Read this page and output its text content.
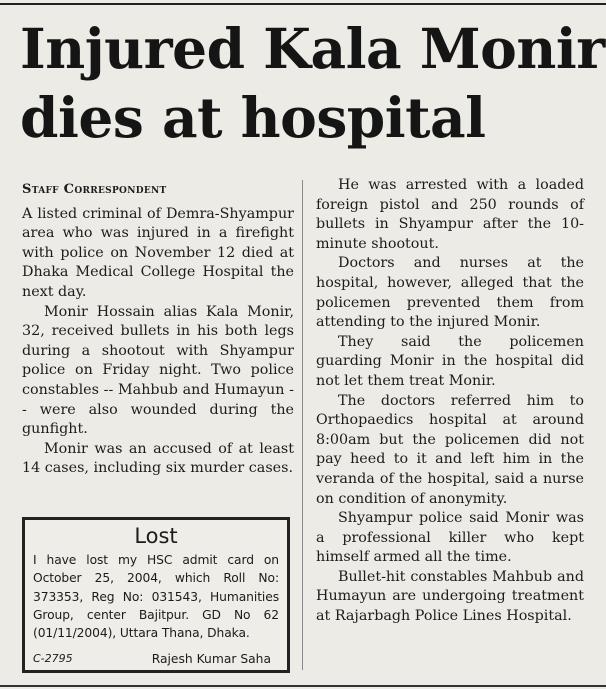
Injured Kala Monir
dies at hospital
Staff Correspondent

A listed criminal of Demra-Shyampur area who was injured in a firefight with police on November 12 died at Dhaka Medical College Hospital the next day.

Monir Hossain alias Kala Monir, 32, received bullets in his both legs during a shootout with Shyampur police on Friday night. Two police constables -- Mahbub and Humayun -- were also wounded during the gunfight.

Monir was an accused of at least 14 cases, including six murder cases.

He was arrested with a loaded foreign pistol and 250 rounds of bullets in Shyampur after the 10-minute shootout.

Doctors and nurses at the hospital, however, alleged that the policemen prevented them from attending to the injured Monir.

They said the policemen guarding Monir in the hospital did not let them treat Monir.

The doctors referred him to Orthopaedics hospital at around 8:00am but the policemen did not pay heed to it and left him in the veranda of the hospital, said a nurse on condition of anonymity.

Shyampur police said Monir was a professional killer who kept himself armed all the time.

Bullet-hit constables Mahbub and Humayun are undergoing treatment at Rajarbagh Police Lines Hospital.

Lost
I have lost my HSC admit card on October 25, 2004, which Roll No: 373353, Reg No: 031543, Humanities Group, center Bajitpur. GD No 62 (01/11/2004), Uttara Thana, Dhaka.
C-2795	Rajesh Kumar Saha
